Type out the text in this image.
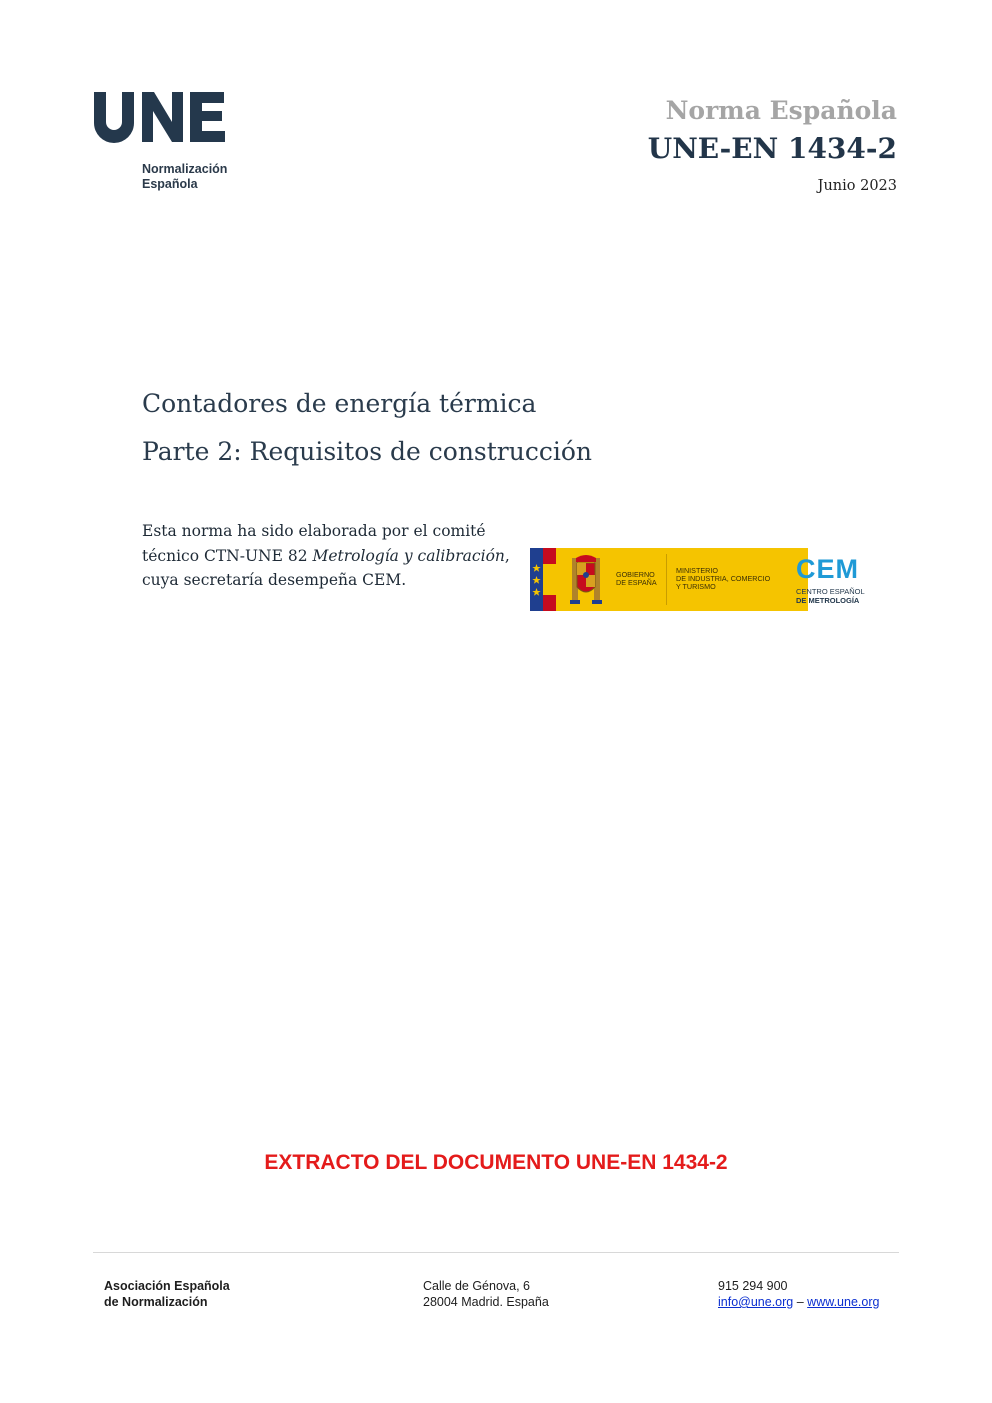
Normalización
Española
Norma Española
UNE-EN 1434-2
Junio 2023
Contadores de energía térmica
Parte 2: Requisitos de construcción
Esta norma ha sido elaborada por el comité técnico CTN-UNE 82 Metrología y calibración, cuya secretaría desempeña CEM.	GOBIERNO
DE ESPAÑA
MINISTERIO
DE INDUSTRIA, COMERCIO
Y TURISMO
CEM
CENTRO ESPAÑOL
DE METROLOGÍA
EXTRACTO DEL DOCUMENTO UNE-EN 1434-2
Asociación Española
de Normalización
Calle de Génova, 6
28004 Madrid. España
915 294 900
info@une.org – www.une.org
